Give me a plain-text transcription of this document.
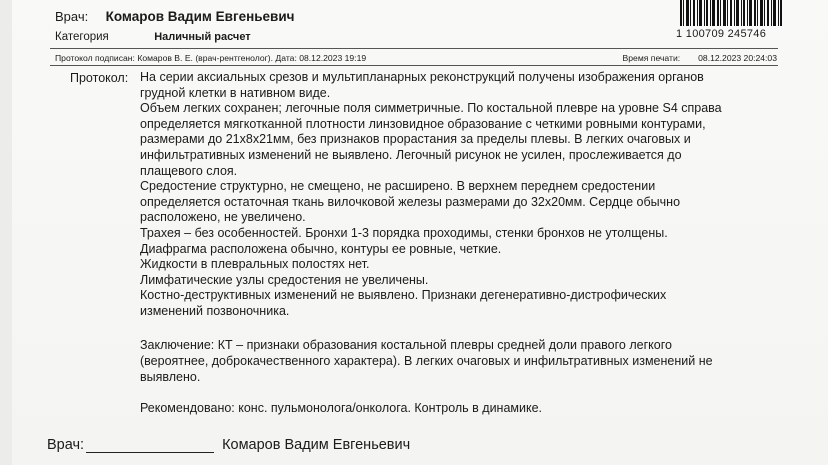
Врач: Комаров Вадим Евгеньевич
Категория	Наличный расчет	1 100709 245746
Протокол подписан: Комаров В. Е. (врач-рентгенолог). Дата: 08.12.2023 19:19	Время печати: 08.12.2023 20:24:03
Протокол: На серии аксиальных срезов и мультипланарных реконструкций получены изображения органов

грудной клетки в нативном виде.

Объем легких сохранен; легочные поля симметричные. По костальной плевре на уровне S4 справа

определяется мягкотканной плотности линзовидное образование с четкими ровными контурами,

размерами до 21x8x21мм, без признаков прорастания за пределы плевы. В легких очаговых и

инфильтративных изменений не выявлено. Легочный рисунок не усилен, прослеживается до

плащевого слоя.

Средостение структурно, не смещено, не расширено. В верхнем переднем средостении

определяется остаточная ткань вилочковой железы размерами до 32x20мм. Сердце обычно

расположено, не увеличено.

Трахея – без особенностей. Бронхи 1-3 порядка проходимы, стенки бронхов не утолщены.

Диафрагма расположена обычно, контуры ее ровные, четкие.

Жидкости в плевральных полостях нет.

Лимфатические узлы средостения не увеличены.

Костно-деструктивных изменений не выявлено. Признаки дегенеративно-дистрофических

изменений позвоночника.

Заключение: КТ – признаки образования костальной плевры средней доли правого легкого

(вероятнее, доброкачественного характера). В легких очаговых и инфильтративных изменений не

выявлено.

Рекомендовано: конс. пульмонолога/онколога. Контроль в динамике.
Врач:	Комаров Вадим Евгеньевич
